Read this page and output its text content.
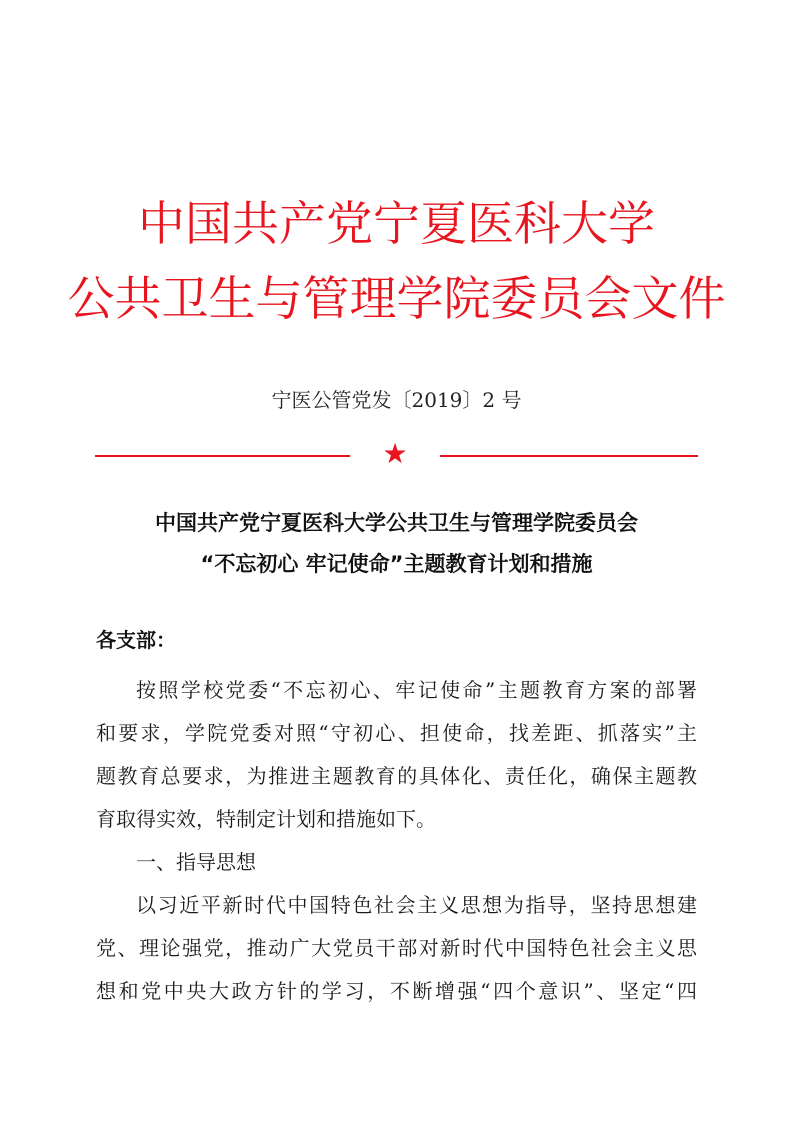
中国共产党宁夏医科大学
公共卫生与管理学院委员会文件
宁医公管党发〔2019〕2 号
★
中国共产党宁夏医科大学公共卫生与管理学院委员会
“不忘初心 牢记使命”主题教育计划和措施
各支部：
按照学校党委“不忘初心、牢记使命”主题教育方案的部署
和要求，学院党委对照“守初心、担使命，找差距、抓落实”主
题教育总要求，为推进主题教育的具体化、责任化，确保主题教
育取得实效，特制定计划和措施如下。
一、指导思想
以习近平新时代中国特色社会主义思想为指导，坚持思想建
党、理论强党，推动广大党员干部对新时代中国特色社会主义思
想和党中央大政方针的学习，不断增强“四个意识”、坚定“四
